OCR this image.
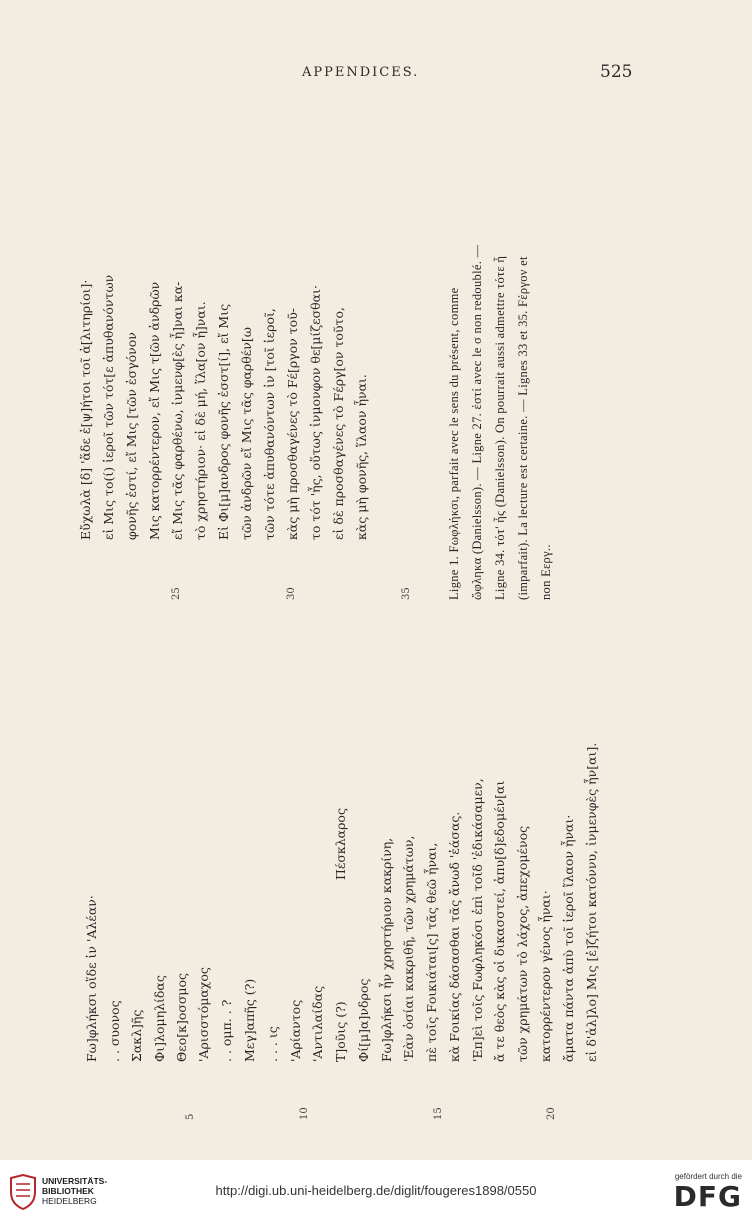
APPENDICES.	525
Fω]φλήκσι οἵδε ἰν 'Αλέαν· . . συονος Σακλ]ῆς Φι]λομηλίδας Θεο[κ]οσσμος 'Αρισστόμαχος . . ομπ. . ? Μεγ]απῆς (?) . . . ις 'Αρίαντος 'Αντιλαίδας Τ]οῦις (?) Φί[μ]α]νδρος Fω]φλήκσι ἦν χρηστήριον κακρίνη, 'Εὰν ὁσίαι κακριθῆ, τῶν χρημάτων, πὲ τοῖς Fοικιάται[ς] τᾶς θεῶ ἦναι, κὰ Fοικίας δάσασθαι τᾶς ἄνωδ 'ἐάσας. 'Επ]εὶ τοῖς Fωφληκόσι ἐπὶ τοῖδ 'ἐδικάσαμεν, ἄ τε θεὸς κὰς οἱ δικασστεί, ἀπυ[δ]εδομέν[αι τῶν χρημάτων τὸ λάχος, ἀπεχομένος κατορρέντερον γένος ἦναι· ἄματα πάντα ἀπὺ τοῖ ἱεροῖ ἴλαον ἦναι· εἰ δ'ἀλ]λο] Μις [ἐ]ζήτοι κατόννυ, ἰνμενφὲς ἦν[αι].
Πέσκλαρος
5	10	15	20
Εὔχωλὰ [δ] 'ἅδε ἐ[ψ]ήτοι τοῖ ἀ[λιτηρίοι]· εἰ Μις το(ί) ἱεροῖ τῶν τότ[ε ἀπυθανόντων φονῆς ἐστί, εἴ Μις [τῶν ἐσγόνον Μις κατορρέντερον, εἴ Μις τ[ῶν ἀνδρῶν εἴ Μις τᾶς φαρθένω, ἰνμενφ[ὲς ἦ]ναι κα- τὸ χρηστήριον· εἰ δὲ μή, ἵλα[ον ἦ]ναι. Εἰ Φι[μ]ανδρος φονῆς ἐσστ[ί], εἴ Μις τῶν ἀνδρῶν εἴ Μις τᾶς φαρθέν[ω τῶν τότε ἀπυθανόντων ἰν [τοῖ ἱεροῖ, κὰς μὴ προσθαγένες τὸ Fέ[ργον τοῦ- το τότ 'ἦς, οὕτως ἰνμονφον θε[μίζεσθαι· εἰ δὲ προσθαγένες τὸ Fέργ[ον τοῦτο, κὰς μὴ φονῆς, ἵλαον ἦναι.
25	30	35	Ligne 1. Fωφλήκσι, parfait avec le sens du présent, comme ὤφληκα (Danielsson). — Ligne 27. ἐστί avec le σ non redoublé. — Ligne 34. τότ' ἦς (Danielsson). On pourrait aussi admettre τότε ἦ (imparfait). La lecture est certaine. — Lignes 33 et 35. Fέργον et non Εεργ..
UNIVERSITÄTS-
BIBLIOTHEK
HEIDELBERG
http://digi.ub.uni-heidelberg.de/diglit/fougeres1898/0550
gefördert durch die
DFG
